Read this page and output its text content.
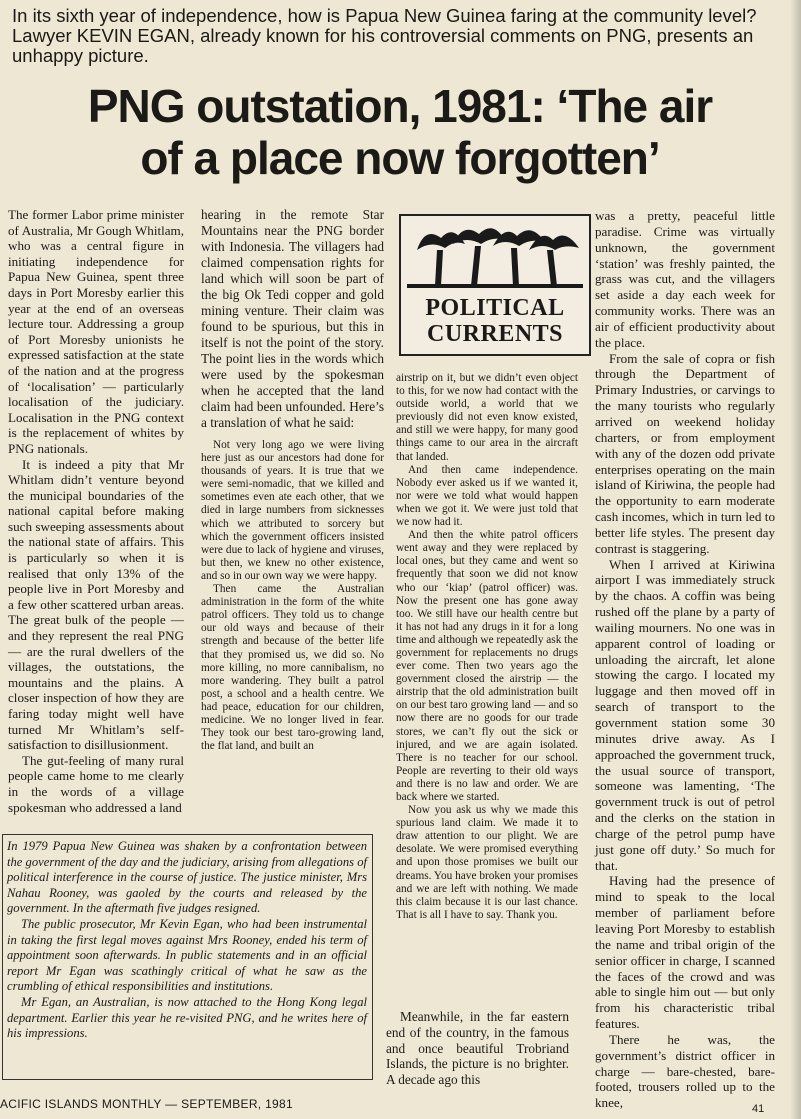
In its sixth year of independence, how is Papua New Guinea faring at the community level? Lawyer KEVIN EGAN, already known for his controversial comments on PNG, presents an unhappy picture.
PNG outstation, 1981: ‘The air
of a place now forgotten’

The former Labor prime minister of Australia, Mr Gough Whitlam, who was a central figure in initiating independence for Papua New Guinea, spent three days in Port Moresby earlier this year at the end of an overseas lecture tour. Addressing a group of Port Moresby unionists he expressed satisfaction at the state of the nation and at the progress of ‘localisation’ — particularly localisation of the judiciary. Localisation in the PNG context is the replacement of whites by PNG nationals.

It is indeed a pity that Mr Whitlam didn’t venture beyond the municipal boundaries of the national capital before making such sweeping assessments about the national state of affairs. This is particularly so when it is realised that only 13% of the people live in Port Moresby and a few other scattered urban areas. The great bulk of the people — and they represent the real PNG — are the rural dwellers of the villages, the outstations, the mountains and the plains. A closer inspection of how they are faring today might well have turned Mr Whitlam’s self-satisfaction to disillusionment.

The gut-feeling of many rural people came home to me clearly in the words of a village spokesman who addressed a land

hearing in the remote Star Mountains near the PNG border with Indonesia. The villagers had claimed compensation rights for land which will soon be part of the big Ok Tedi copper and gold mining venture. Their claim was found to be spurious, but this in itself is not the point of the story. The point lies in the words which were used by the spokesman when he accepted that the land claim had been unfounded. Here’s a translation of what he said:

Not very long ago we were living here just as our ancestors had done for thousands of years. It is true that we were semi-nomadic, that we killed and sometimes even ate each other, that we died in large numbers from sicknesses which we attributed to sorcery but which the government officers insisted were due to lack of hygiene and viruses, but then, we knew no other existence, and so in our own way we were happy.

Then came the Australian administration in the form of the white patrol officers. They told us to change our old ways and because of their strength and because of the better life that they promised us, we did so. No more killing, no more cannibalism, no more wandering. They built a patrol post, a school and a health centre. We had peace, education for our children, medicine. We no longer lived in fear. They took our best taro-growing land, the flat land, and built an

POLITICAL
CURRENTS

airstrip on it, but we didn’t even object to this, for we now had contact with the outside world, a world that we previously did not even know existed, and still we were happy, for many good things came to our area in the aircraft that landed.

And then came independence. Nobody ever asked us if we wanted it, nor were we told what would happen when we got it. We were just told that we now had it.

And then the white patrol officers went away and they were replaced by local ones, but they came and went so frequently that soon we did not know who our ‘kiap’ (patrol officer) was. Now the present one has gone away too. We still have our health centre but it has not had any drugs in it for a long time and although we repeatedly ask the government for replacements no drugs ever come. Then two years ago the government closed the airstrip — the airstrip that the old administration built on our best taro growing land — and so now there are no goods for our trade stores, we can’t fly out the sick or injured, and we are again isolated. There is no teacher for our school. People are reverting to their old ways and there is no law and order. We are back where we started.

Now you ask us why we made this spurious land claim. We made it to draw attention to our plight. We are desolate. We were promised everything and upon those promises we built our dreams. You have broken your promises and we are left with nothing. We made this claim because it is our last chance. That is all I have to say. Thank you.

Meanwhile, in the far eastern end of the country, in the famous and once beautiful Trobriand Islands, the picture is no brighter. A decade ago this

was a pretty, peaceful little paradise. Crime was virtually unknown, the government ‘station’ was freshly painted, the grass was cut, and the villagers set aside a day each week for community works. There was an air of efficient productivity about the place.

From the sale of copra or fish through the Department of Primary Industries, or carvings to the many tourists who regularly arrived on weekend holiday charters, or from employment with any of the dozen odd private enterprises operating on the main island of Kiriwina, the people had the opportunity to earn moderate cash incomes, which in turn led to better life styles. The present day contrast is staggering.

When I arrived at Kiriwina airport I was immediately struck by the chaos. A coffin was being rushed off the plane by a party of wailing mourners. No one was in apparent control of loading or unloading the aircraft, let alone stowing the cargo. I located my luggage and then moved off in search of transport to the government station some 30 minutes drive away. As I approached the government truck, the usual source of transport, someone was lamenting, ‘The government truck is out of petrol and the clerks on the station in charge of the petrol pump have just gone off duty.’ So much for that.

Having had the presence of mind to speak to the local member of parliament before leaving Port Moresby to establish the name and tribal origin of the senior officer in charge, I scanned the faces of the crowd and was able to single him out — but only from his characteristic tribal features.

There he was, the government’s district officer in charge — bare-chested, bare-footed, trousers rolled up to the knee,

In 1979 Papua New Guinea was shaken by a confrontation between the government of the day and the judiciary, arising from allegations of political interference in the course of justice. The justice minister, Mrs Nahau Rooney, was gaoled by the courts and released by the government. In the aftermath five judges resigned.

The public prosecutor, Mr Kevin Egan, who had been instrumental in taking the first legal moves against Mrs Rooney, ended his term of appointment soon afterwards. In public statements and in an official report Mr Egan was scathingly critical of what he saw as the crumbling of ethical responsibilities and institutions.

Mr Egan, an Australian, is now attached to the Hong Kong legal department. Earlier this year he re-visited PNG, and he writes here of his impressions.

ACIFIC ISLANDS MONTHLY — SEPTEMBER, 1981	41
